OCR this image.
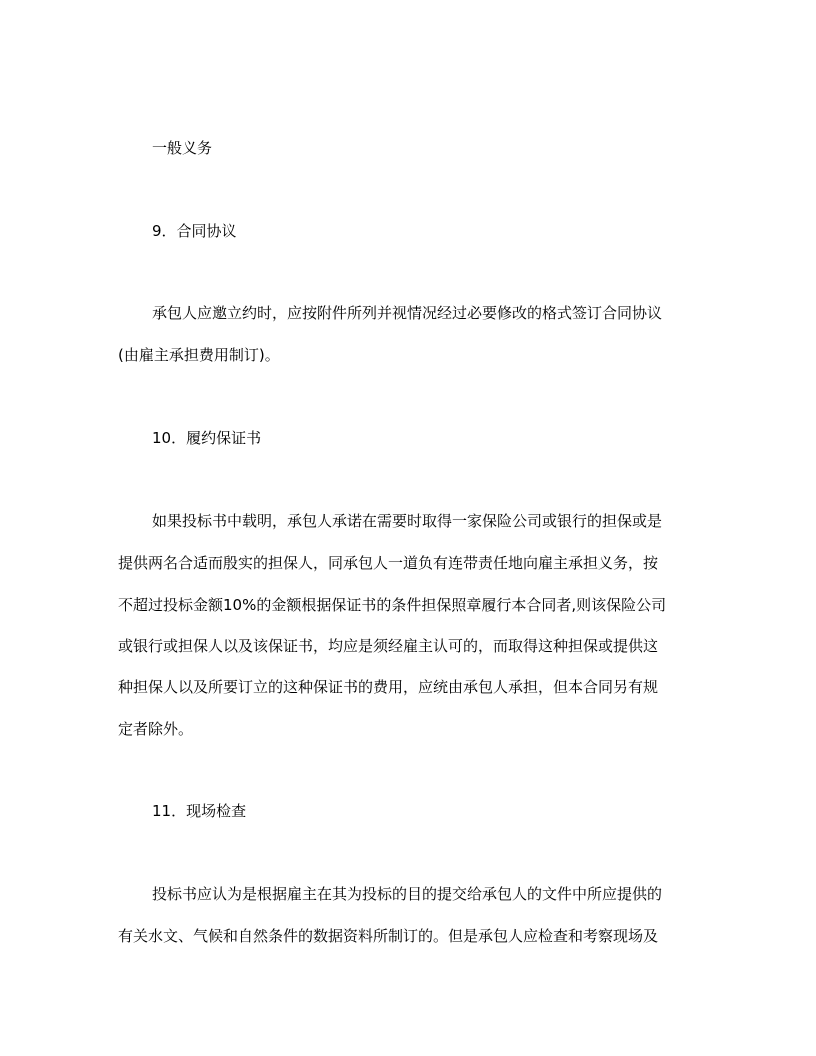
一般义务
9．合同协议
承包人应邀立约时，应按附件所列并视情况经过必要修改的格式签订合同协议
(由雇主承担费用制订)。
10．履约保证书
如果投标书中载明，承包人承诺在需要时取得一家保险公司或银行的担保或是
提供两名合适而殷实的担保人，同承包人一道负有连带责任地向雇主承担义务，按
不超过投标金额10%的金额根据保证书的条件担保照章履行本合同者,则该保险公司
或银行或担保人以及该保证书，均应是须经雇主认可的，而取得这种担保或提供这
种担保人以及所要订立的这种保证书的费用，应统由承包人承担，但本合同另有规
定者除外。
11．现场检查
投标书应认为是根据雇主在其为投标的目的提交给承包人的文件中所应提供的
有关水文、气候和自然条件的数据资料所制订的。但是承包人应检查和考察现场及
